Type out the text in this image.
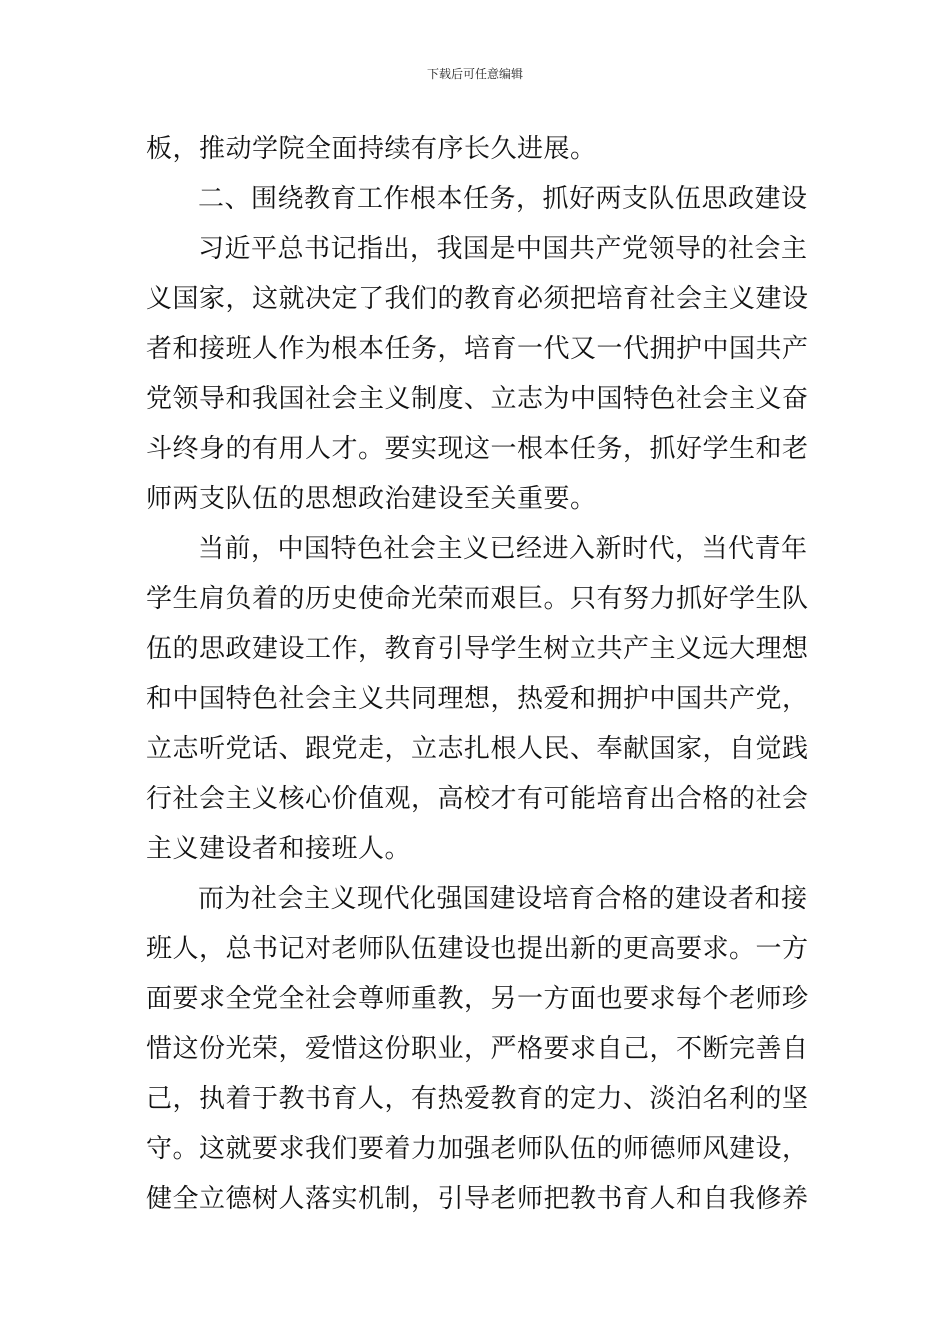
下载后可任意编辑
板，推动学院全面持续有序长久进展。
二、围绕教育工作根本任务，抓好两支队伍思政建设
习近平总书记指出，我国是中国共产党领导的社会主
义国家，这就决定了我们的教育必须把培育社会主义建设
者和接班人作为根本任务，培育一代又一代拥护中国共产
党领导和我国社会主义制度、立志为中国特色社会主义奋
斗终身的有用人才。要实现这一根本任务，抓好学生和老
师两支队伍的思想政治建设至关重要。
当前，中国特色社会主义已经进入新时代，当代青年
学生肩负着的历史使命光荣而艰巨。只有努力抓好学生队
伍的思政建设工作，教育引导学生树立共产主义远大理想
和中国特色社会主义共同理想，热爱和拥护中国共产党，
立志听党话、跟党走，立志扎根人民、奉献国家，自觉践
行社会主义核心价值观，高校才有可能培育出合格的社会
主义建设者和接班人。
而为社会主义现代化强国建设培育合格的建设者和接
班人，总书记对老师队伍建设也提出新的更高要求。一方
面要求全党全社会尊师重教，另一方面也要求每个老师珍
惜这份光荣，爱惜这份职业，严格要求自己，不断完善自
己，执着于教书育人，有热爱教育的定力、淡泊名利的坚
守。这就要求我们要着力加强老师队伍的师德师风建设，
健全立德树人落实机制，引导老师把教书育人和自我修养
